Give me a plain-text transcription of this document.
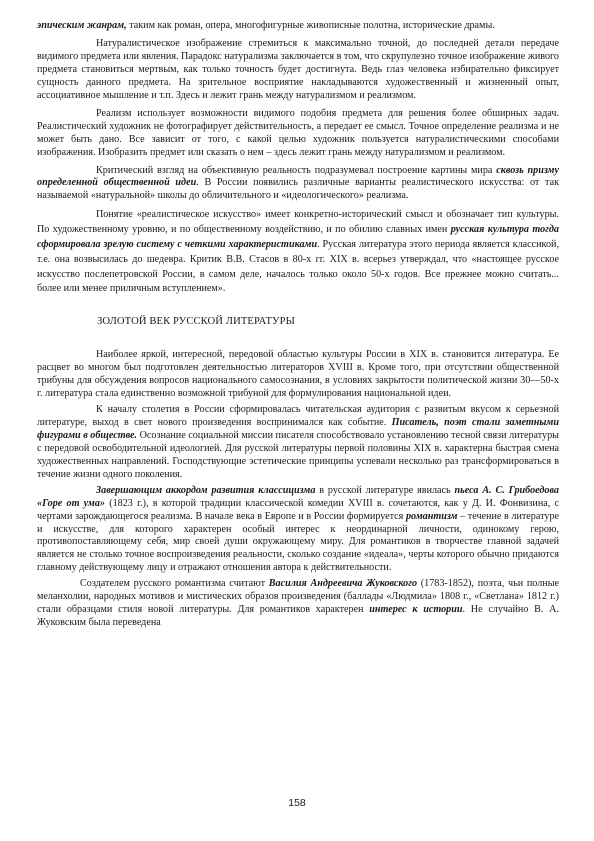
эпическим жанрам, таким как роман, опера, многофигурные живописные полотна, исторические драмы.

Натуралистическое изображение стремиться к максимально точной, до последней детали передаче видимого предмета или явления. Парадокс натурализма заключается в том, что скрупулезно точное изображение живого предмета становиться мертвым, как только точность будет достигнута. Ведь глаз человека избирательно фиксирует сущность данного предмета. На зрительное восприятие накладываются художественный и жизненный опыт, ассоциативное мышление и т.п. Здесь и лежит грань между натурализмом и реализмом.

Реализм использует возможности видимого подобия предмета для решения более обширных задач. Реалистический художник не фотографирует действительность, а передает ее смысл. Точное определение реализма и не может быть дано. Все зависит от того, с какой целью художник пользуется натуралистическими способами изображения. Изобразить предмет или сказать о нем – здесь лежит грань между натурализмом и реализмом.

Критический взгляд на объективную реальность подразумевал построение картины мира сквозь призму определенной общественной идеи. В России появились различные варианты реалистического искусства: от так называемой «натуральной» школы до обличительного и «идеологического» реализма.

Понятие «реалистическое искусство» имеет конкретно-исторический смысл и обозначает тип культуры. По художественному уровню, и по общественному воздействию, и по обилию славных имен русская культура тогда сформировала зрелую систему с четкими характеристиками. Русская литература этого периода является классикой, т.е. она возвысилась до шедевра. Критик В.В. Стасов в 80-х гг. XIX в. всерьез утверждал, что «настоящее русское искусство послепетровской России, в самом деле, началось только около 50-х годов. Все прежнее можно считать... более или менее приличным вступлением».

ЗОЛОТОЙ ВЕК РУССКОЙ ЛИТЕРАТУРЫ

Наиболее яркой, интересной, передовой областью культуры России в XIX в. становится литература. Ее расцвет во многом был подготовлен деятельностью литераторов XVIII в. Кроме того, при отсутствии общественной трибуны для обсуждения вопросов национального самосознания, в условиях закрытости политической жизни 30—50-х г. литература стала единственно возможной трибуной для формулирования национальной идеи.

К началу столетия в России сформировалась читательская аудитория с развитым вкусом к серьезной литературе, выход в свет нового произведения воспринимался как событие. Писатель, поэт стали заметными фигурами в обществе. Осознание социальной миссии писателя способствовало установлению тесной связи литературы с передовой освободительной идеологией. Для русской литературы первой половины XIX в. характерна быстрая смена художественных направлений. Господствующие эстетические принципы успевали несколько раз трансформироваться в течение жизни одного поколения.

Завершающим аккордом развития классицизма в русской литературе явилась пьеса А. С. Грибоедова «Горе от ума» (1823 г.), в которой традиции классической комедии XVIII в. сочетаются, как у Д. И. Фонвизина, с чертами зарождающегося реализма. В начале века в Европе и в России формируется романтизм – течение в литературе и искусстве, для которого характерен особый интерес к неординарной личности, одинокому герою, противопоставляющему себя, мир своей души окружающему миру. Для романтиков в творчестве главной задачей является не столько точное воспроизведения реальности, сколько создание «идеала», черты которого обычно придаются главному действующему лицу и отражают отношения автора к действительности.

Создателем русского романтизма считают Василия Андреевича Жуковского (1783-1852), поэта, чьи полные меланхолии, народных мотивов и мистических образов произведения (баллады «Людмила» 1808 г., «Светлана» 1812 г.) стали образцами стиля новой литературы. Для романтиков характерен интерес к истории. Не случайно В. А. Жуковским была переведена

158
